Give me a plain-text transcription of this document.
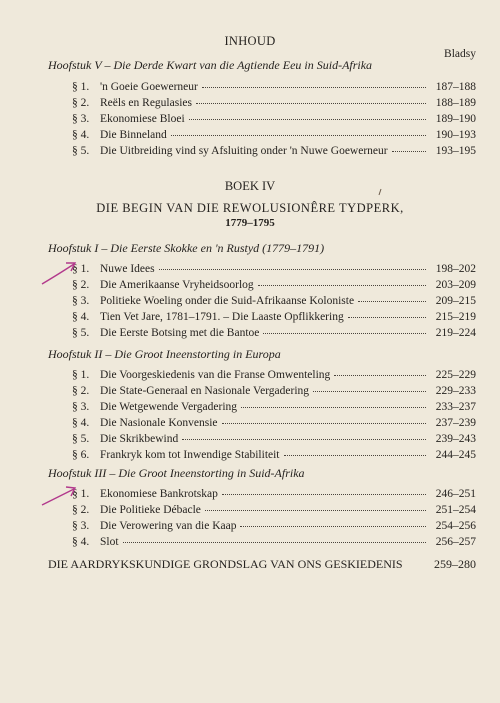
INHOUD
Bladsy
Hoofstuk V – Die Derde Kwart van die Agtiende Eeu in Suid-Afrika
§ 1. 'n Goeie Goewerneur	187–188
§ 2. Reëls en Regulasies	188–189
§ 3. Ekonomiese Bloei	189–190
§ 4. Die Binneland	190–193
§ 5. Die Uitbreiding vind sy Afsluiting onder 'n Nuwe Goewerneur	193–195
BOEK IV
DIE BEGIN VAN DIE REWOLUSIONÊRE TYDPERK,
1779–1795
Hoofstuk I – Die Eerste Skokke en 'n Rustyd (1779–1791)
§ 1. Nuwe Idees	198–202
§ 2. Die Amerikaanse Vryheidsoorlog	203–209
§ 3. Politieke Woeling onder die Suid-Afrikaanse Koloniste	209–215
§ 4. Tien Vet Jare, 1781–1791. – Die Laaste Opflikkering	215–219
§ 5. Die Eerste Botsing met die Bantoe	219–224
Hoofstuk II – Die Groot Ineenstorting in Europa
§ 1. Die Voorgeskiedenis van die Franse Omwenteling	225–229
§ 2. Die State-Generaal en Nasionale Vergadering	229–233
§ 3. Die Wetgewende Vergadering	233–237
§ 4. Die Nasionale Konvensie	237–239
§ 5. Die Skrikbewind	239–243
§ 6. Frankryk kom tot Inwendige Stabiliteit	244–245
Hoofstuk III – Die Groot Ineenstorting in Suid-Afrika
§ 1. Ekonomiese Bankrotskap	246–251
§ 2. Die Politieke Débacle	251–254
§ 3. Die Verowering van die Kaap	254–256
§ 4. Slot	256–257
DIE AARDRYKSKUNDIGE GRONDSLAG VAN ONS GESKIEDENIS	259–280
